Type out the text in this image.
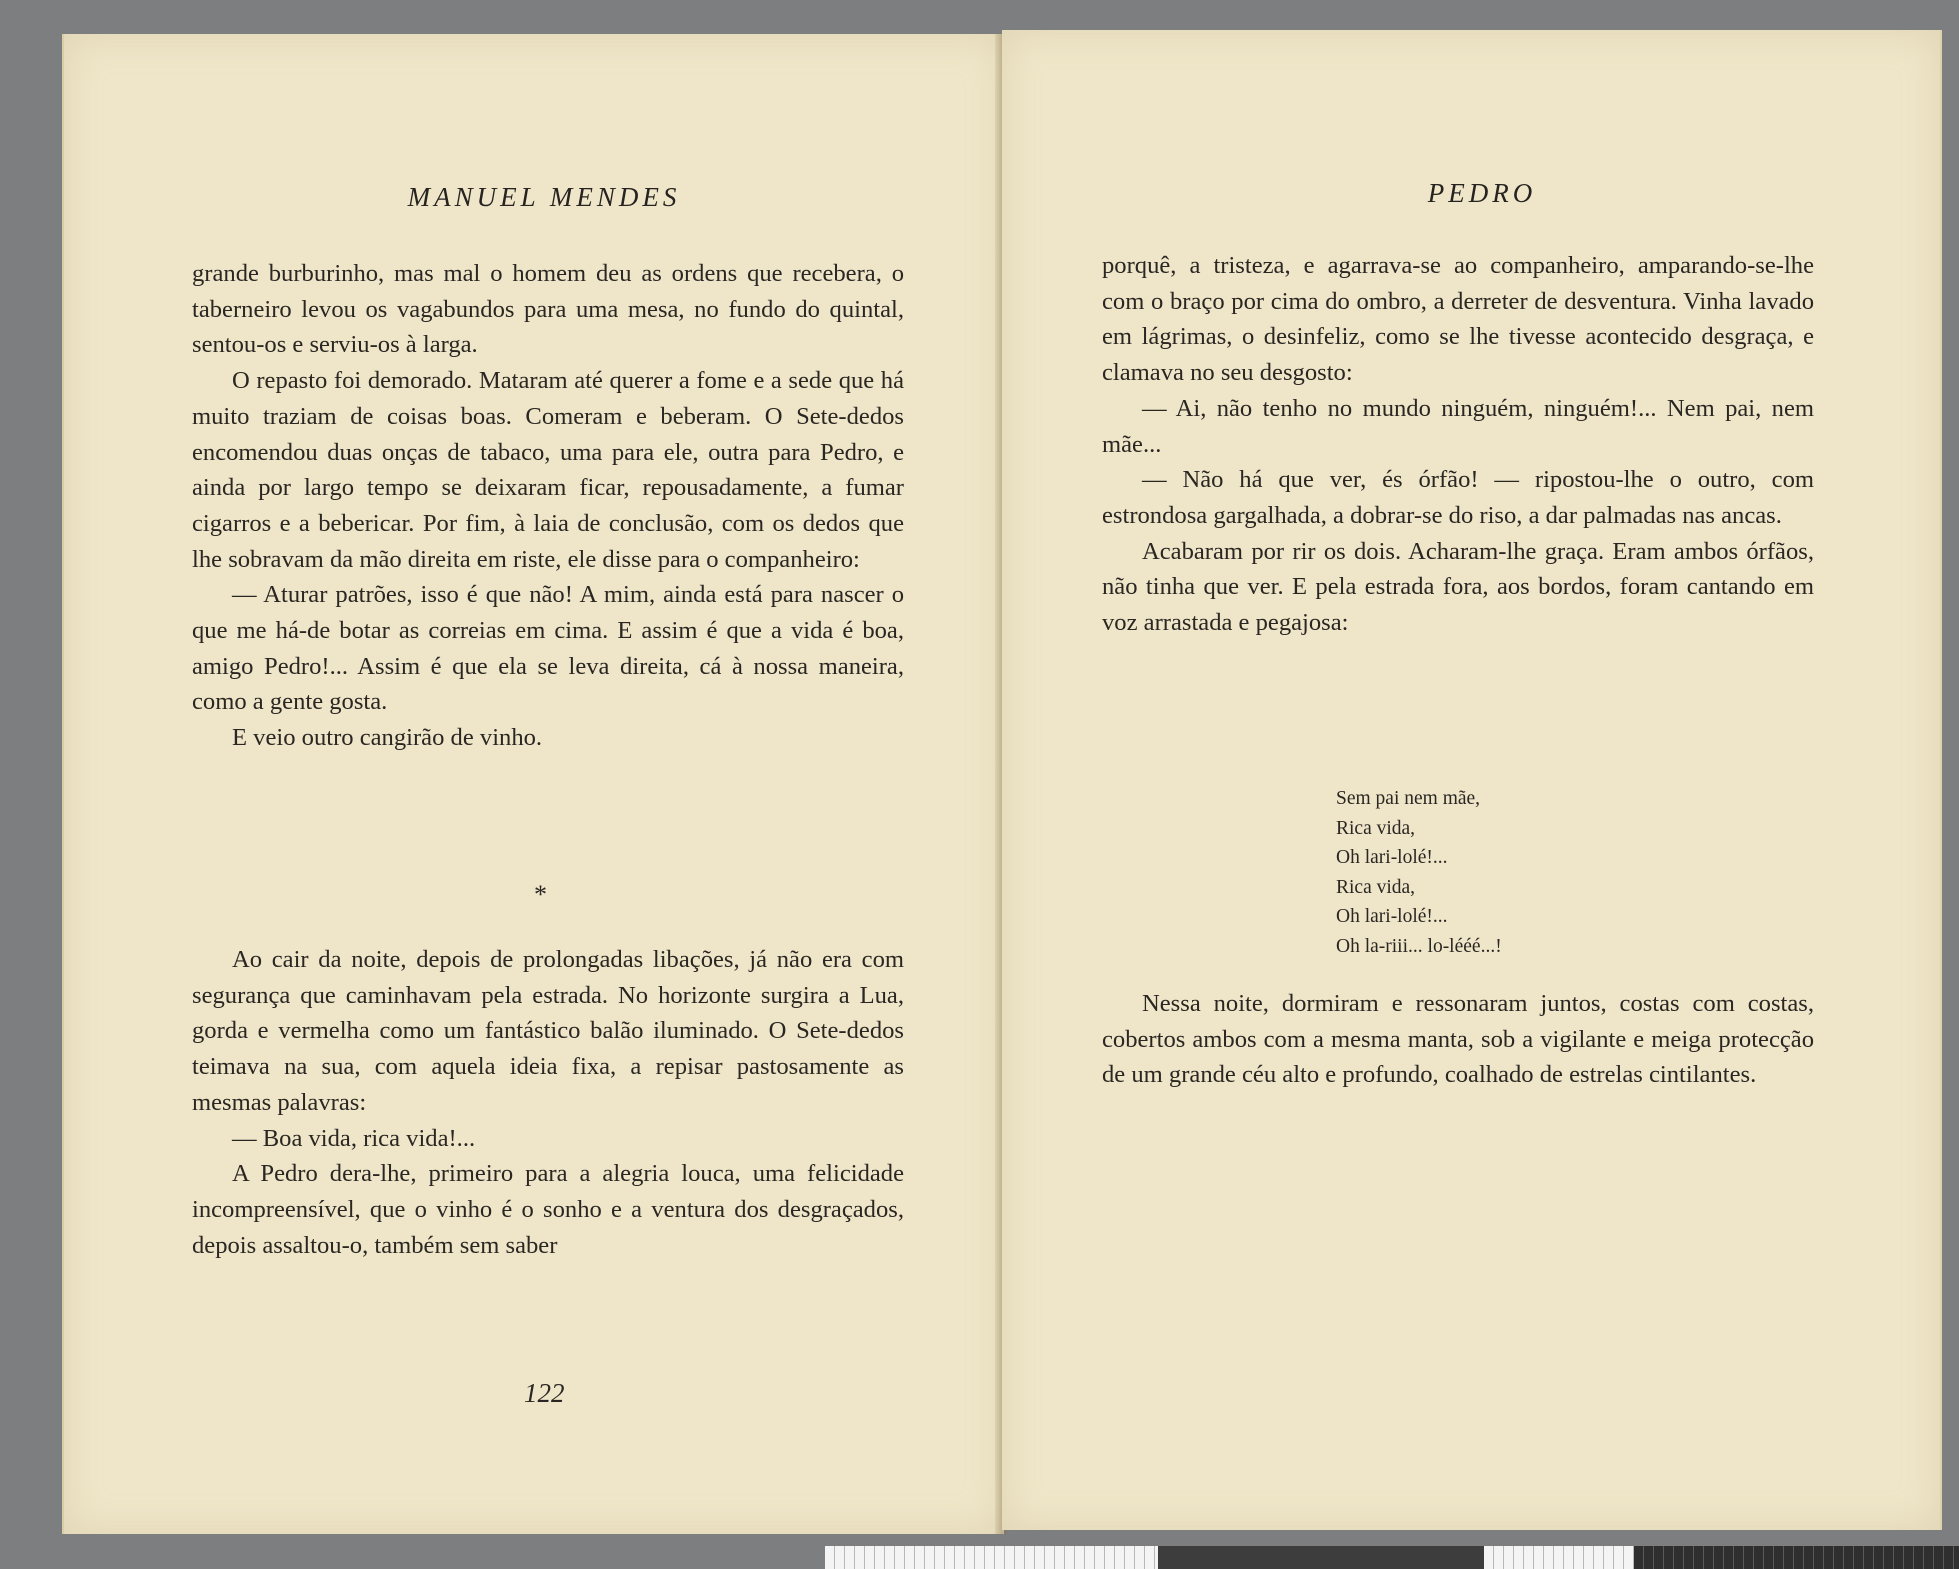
MANUEL MENDES

grande burburinho, mas mal o homem deu as ordens que recebera, o taberneiro levou os vagabundos para uma mesa, no fundo do quintal, sentou-os e serviu-os à larga.

O repasto foi demorado. Mataram até querer a fome e a sede que há muito traziam de coisas boas. Comeram e beberam. O Sete-dedos encomendou duas onças de tabaco, uma para ele, outra para Pedro, e ainda por largo tempo se deixaram ficar, repousadamente, a fumar cigarros e a bebericar. Por fim, à laia de conclusão, com os dedos que lhe sobravam da mão direita em riste, ele disse para o companheiro:

— Aturar patrões, isso é que não! A mim, ainda está para nascer o que me há-de botar as correias em cima. E assim é que a vida é boa, amigo Pedro!... Assim é que ela se leva direita, cá à nossa maneira, como a gente gosta.

E veio outro cangirão de vinho.

*

Ao cair da noite, depois de prolongadas libações, já não era com segurança que caminhavam pela estrada. No horizonte surgira a Lua, gorda e vermelha como um fantástico balão iluminado. O Sete-dedos teimava na sua, com aquela ideia fixa, a repisar pastosamente as mesmas palavras:

— Boa vida, rica vida!...

A Pedro dera-lhe, primeiro para a alegria louca, uma felicidade incompreensível, que o vinho é o sonho e a ventura dos desgraçados, depois assaltou-o, também sem saber

122
PEDRO

porquê, a tristeza, e agarrava-se ao companheiro, amparando-se-lhe com o braço por cima do ombro, a derreter de desventura. Vinha lavado em lágrimas, o desinfeliz, como se lhe tivesse acontecido desgraça, e clamava no seu desgosto:

— Ai, não tenho no mundo ninguém, ninguém!... Nem pai, nem mãe...

— Não há que ver, és órfão! — ripostou-lhe o outro, com estrondosa gargalhada, a dobrar-se do riso, a dar palmadas nas ancas.

Acabaram por rir os dois. Acharam-lhe graça. Eram ambos órfãos, não tinha que ver. E pela estrada fora, aos bordos, foram cantando em voz arrastada e pegajosa:

Sem pai nem mãe,
Rica vida,
Oh lari-lolé!...
Rica vida,
Oh lari-lolé!...
Oh la-riii... lo-lééé...!

Nessa noite, dormiram e ressonaram juntos, costas com costas, cobertos ambos com a mesma manta, sob a vigilante e meiga protecção de um grande céu alto e profundo, coalhado de estrelas cintilantes.
